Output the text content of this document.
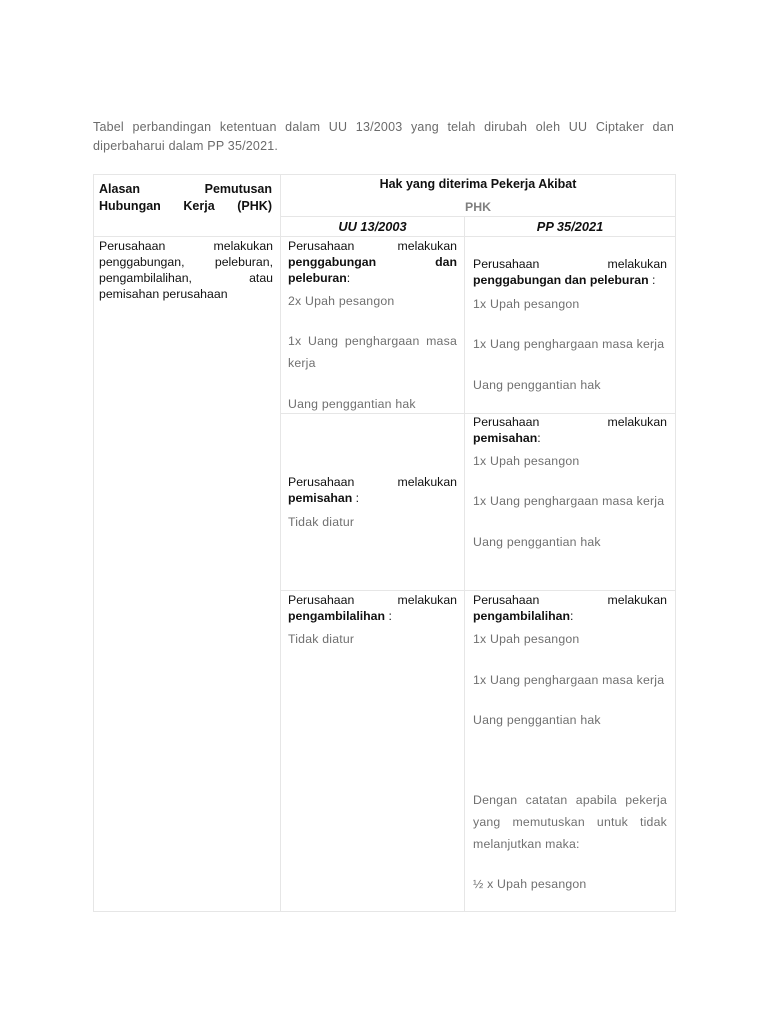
Tabel perbandingan ketentuan dalam UU 13/2003 yang telah dirubah oleh UU Ciptaker dan diperbaharui dalam PP 35/2021.

Alasan Pemutusan Hubungan Kerja (PHK)
Hak yang diterima Pekerja Akibat
PHK
UU 13/2003	PP 35/2021
Perusahaan melakukan penggabungan, peleburan, pengambilalihan, atau pemisahan perusahaan
Perusahaan melakukan penggabungan dan peleburan:
2x Upah pesangon
1x Uang penghargaan masa kerja
Uang penggantian hak
Perusahaan melakukan pemisahan :
Tidak diatur
Perusahaan melakukan pengambilalihan :
Tidak diatur
Perusahaan melakukan penggabungan dan peleburan :
1x Upah pesangon
1x Uang penghargaan masa kerja
Uang penggantian hak
Perusahaan melakukan pemisahan:
1x Upah pesangon
1x Uang penghargaan masa kerja
Uang penggantian hak
Perusahaan melakukan pengambilalihan:
1x Upah pesangon
1x Uang penghargaan masa kerja
Uang penggantian hak
Dengan catatan apabila pekerja yang memutuskan untuk tidak melanjutkan maka:
½ x Upah pesangon
